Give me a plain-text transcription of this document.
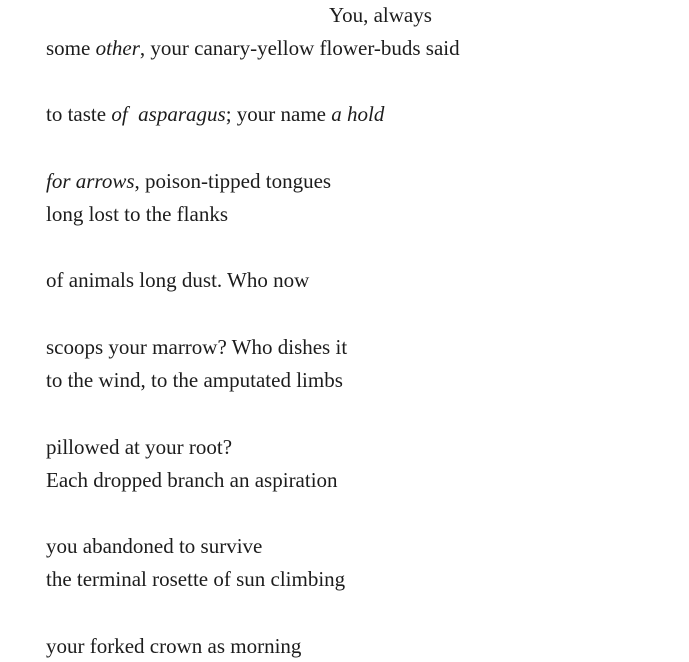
You, always
some other, your canary-yellow flower-buds said
to taste of  asparagus; your name a hold
for arrows, poison-tipped tongues
long lost to the flanks
of animals long dust. Who now
scoops your marrow? Who dishes it
to the wind, to the amputated limbs
pillowed at your root?
Each dropped branch an aspiration
you abandoned to survive
the terminal rosette of sun climbing
your forked crown as morning
